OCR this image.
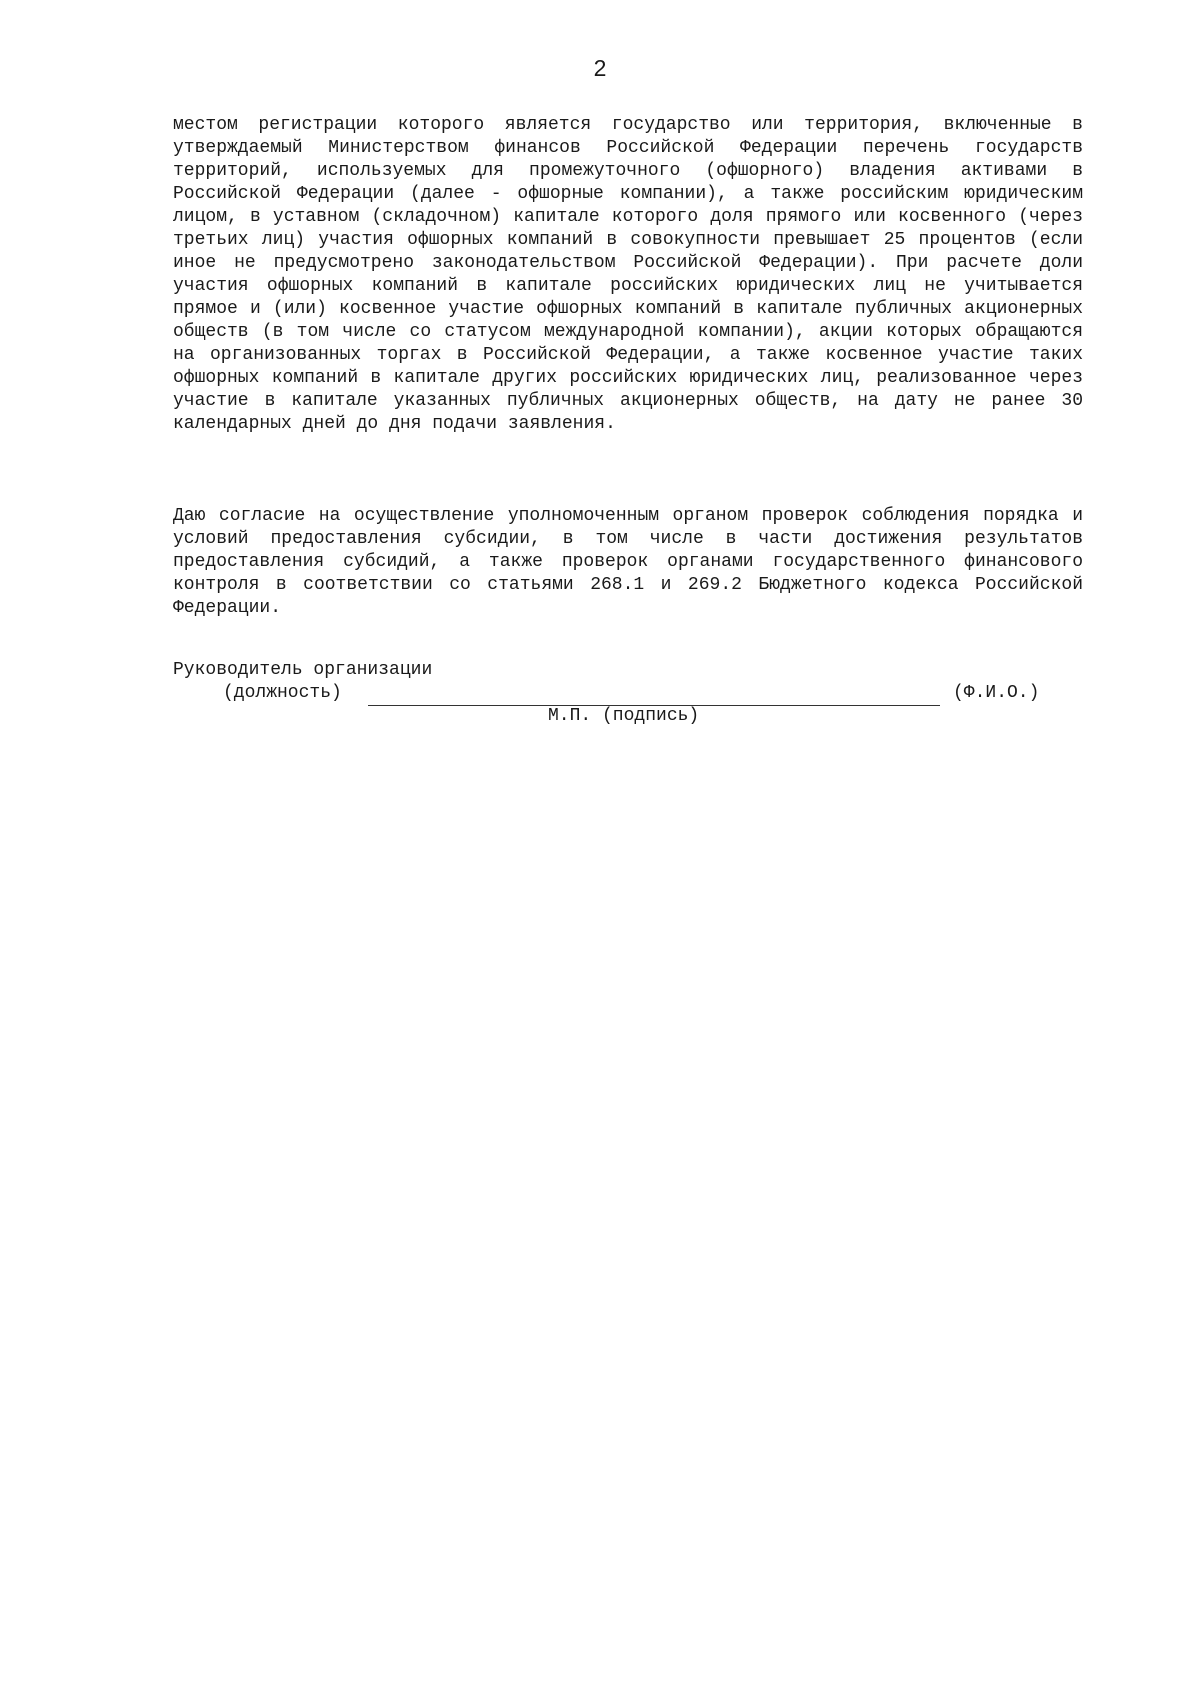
2

местом регистрации которого является государство или территория, включенные в утверждаемый Министерством финансов Российской Федерации перечень государств территорий, используемых для промежуточного (офшорного) владения активами в Российской Федерации (далее - офшорные компании), а также российским юридическим лицом, в уставном (складочном) капитале которого доля прямого или косвенного (через третьих лиц) участия офшорных компаний в совокупности превышает 25 процентов (если иное не предусмотрено законодательством Российской Федерации). При расчете доли участия офшорных компаний в капитале российских юридических лиц не учитывается прямое и (или) косвенное участие офшорных компаний в капитале публичных акционерных обществ (в том числе со статусом международной компании), акции которых обращаются на организованных торгах в Российской Федерации, а также косвенное участие таких офшорных компаний в капитале других российских юридических лиц, реализованное через участие в капитале указанных публичных акционерных обществ, на дату не ранее 30 календарных дней до дня подачи заявления.

Даю согласие на осуществление уполномоченным органом проверок соблюдения порядка и условий предоставления субсидии, в том числе в части достижения результатов предоставления субсидий, а также проверок органами государственного финансового контроля в соответствии со статьями 268.1 и 269.2 Бюджетного кодекса Российской Федерации.

Руководитель организации
(должность)	(Ф.И.О.)
М.П. (подпись)
